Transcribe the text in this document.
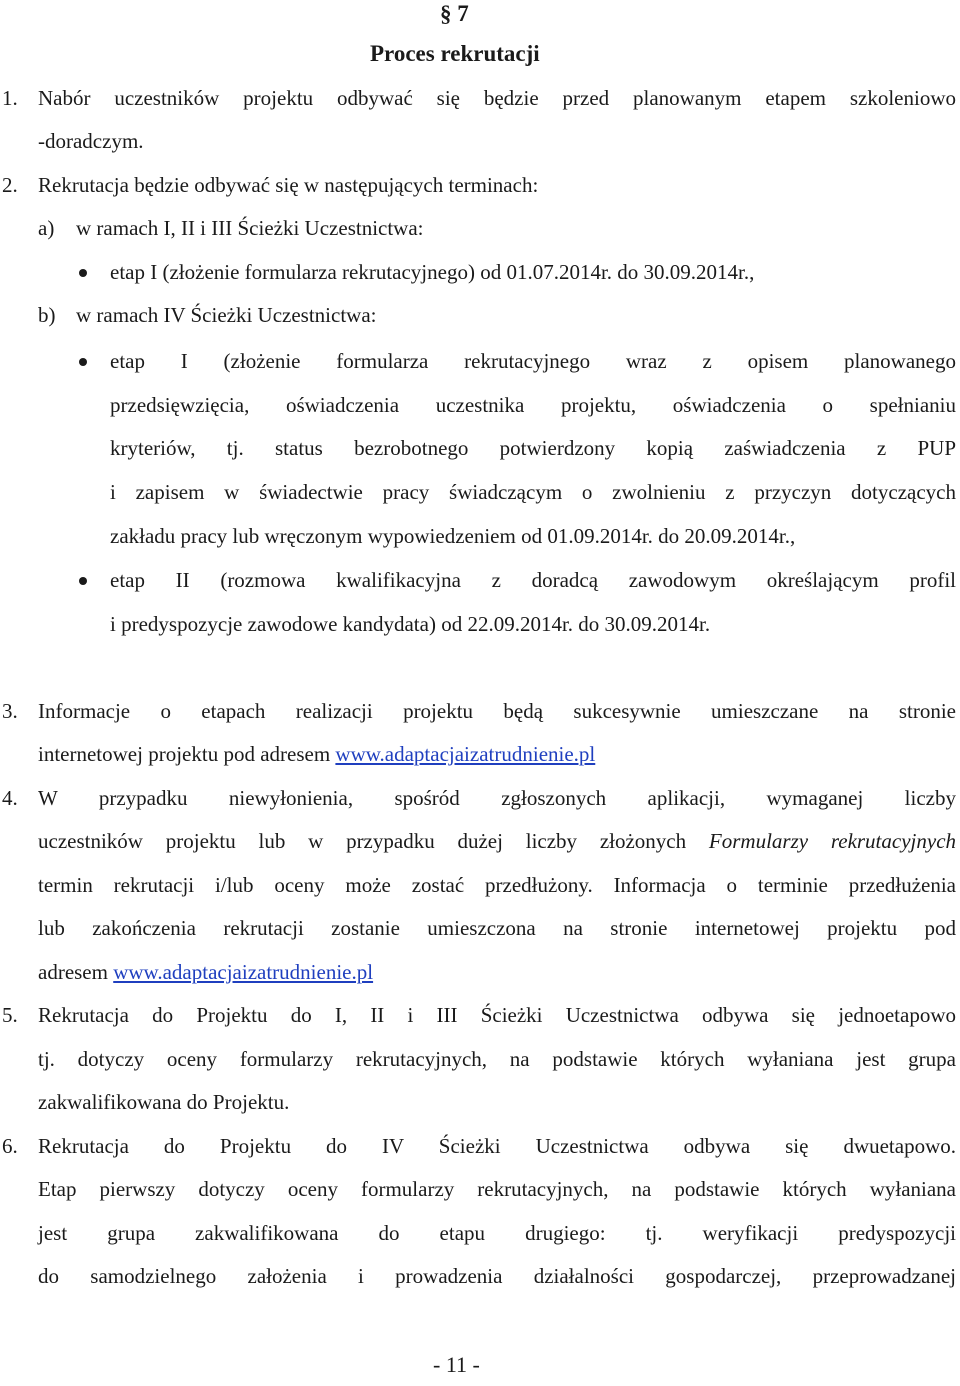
§ 7
Proces rekrutacji
1. Nabór uczestników projektu odbywać się będzie przed planowanym etapem szkoleniowo
-doradczym.
2. Rekrutacja będzie odbywać się w następujących terminach:
a) w ramach I, II i III Ścieżki Uczestnictwa:
etap I (złożenie formularza rekrutacyjnego) od 01.07.2014r. do 30.09.2014r.,
b) w ramach IV Ścieżki Uczestnictwa:
etap I (złożenie formularza rekrutacyjnego wraz z opisem planowanego
przedsięwzięcia, oświadczenia uczestnika projektu, oświadczenia o spełnianiu
kryteriów, tj. status bezrobotnego potwierdzony kopią zaświadczenia z PUP
i zapisem w świadectwie pracy świadczącym o zwolnieniu z przyczyn dotyczących
zakładu pracy lub wręczonym wypowiedzeniem od 01.09.2014r. do 20.09.2014r.,
etap II (rozmowa kwalifikacyjna z doradcą zawodowym określającym profil
i predyspozycje zawodowe kandydata) od 22.09.2014r. do 30.09.2014r.
3. Informacje o etapach realizacji projektu będą sukcesywnie umieszczane na stronie
internetowej projektu pod adresem www.adaptacjaizatrudnienie.pl
4. W przypadku niewyłonienia, spośród zgłoszonych aplikacji, wymaganej liczby
uczestników projektu lub w przypadku dużej liczby złożonych Formularzy rekrutacyjnych
termin rekrutacji i/lub oceny może zostać przedłużony. Informacja o terminie przedłużenia
lub zakończenia rekrutacji zostanie umieszczona na stronie internetowej projektu pod
adresem www.adaptacjaizatrudnienie.pl
5. Rekrutacja do Projektu do I, II i III Ścieżki Uczestnictwa odbywa się jednoetapowo
tj. dotyczy oceny formularzy rekrutacyjnych, na podstawie których wyłaniana jest grupa
zakwalifikowana do Projektu.
6. Rekrutacja do Projektu do IV Ścieżki Uczestnictwa odbywa się dwuetapowo.
Etap pierwszy dotyczy oceny formularzy rekrutacyjnych, na podstawie których wyłaniana
jest grupa zakwalifikowana do etapu drugiego: tj. weryfikacji predyspozycji
do samodzielnego założenia i prowadzenia działalności gospodarczej, przeprowadzanej
- 11 -
